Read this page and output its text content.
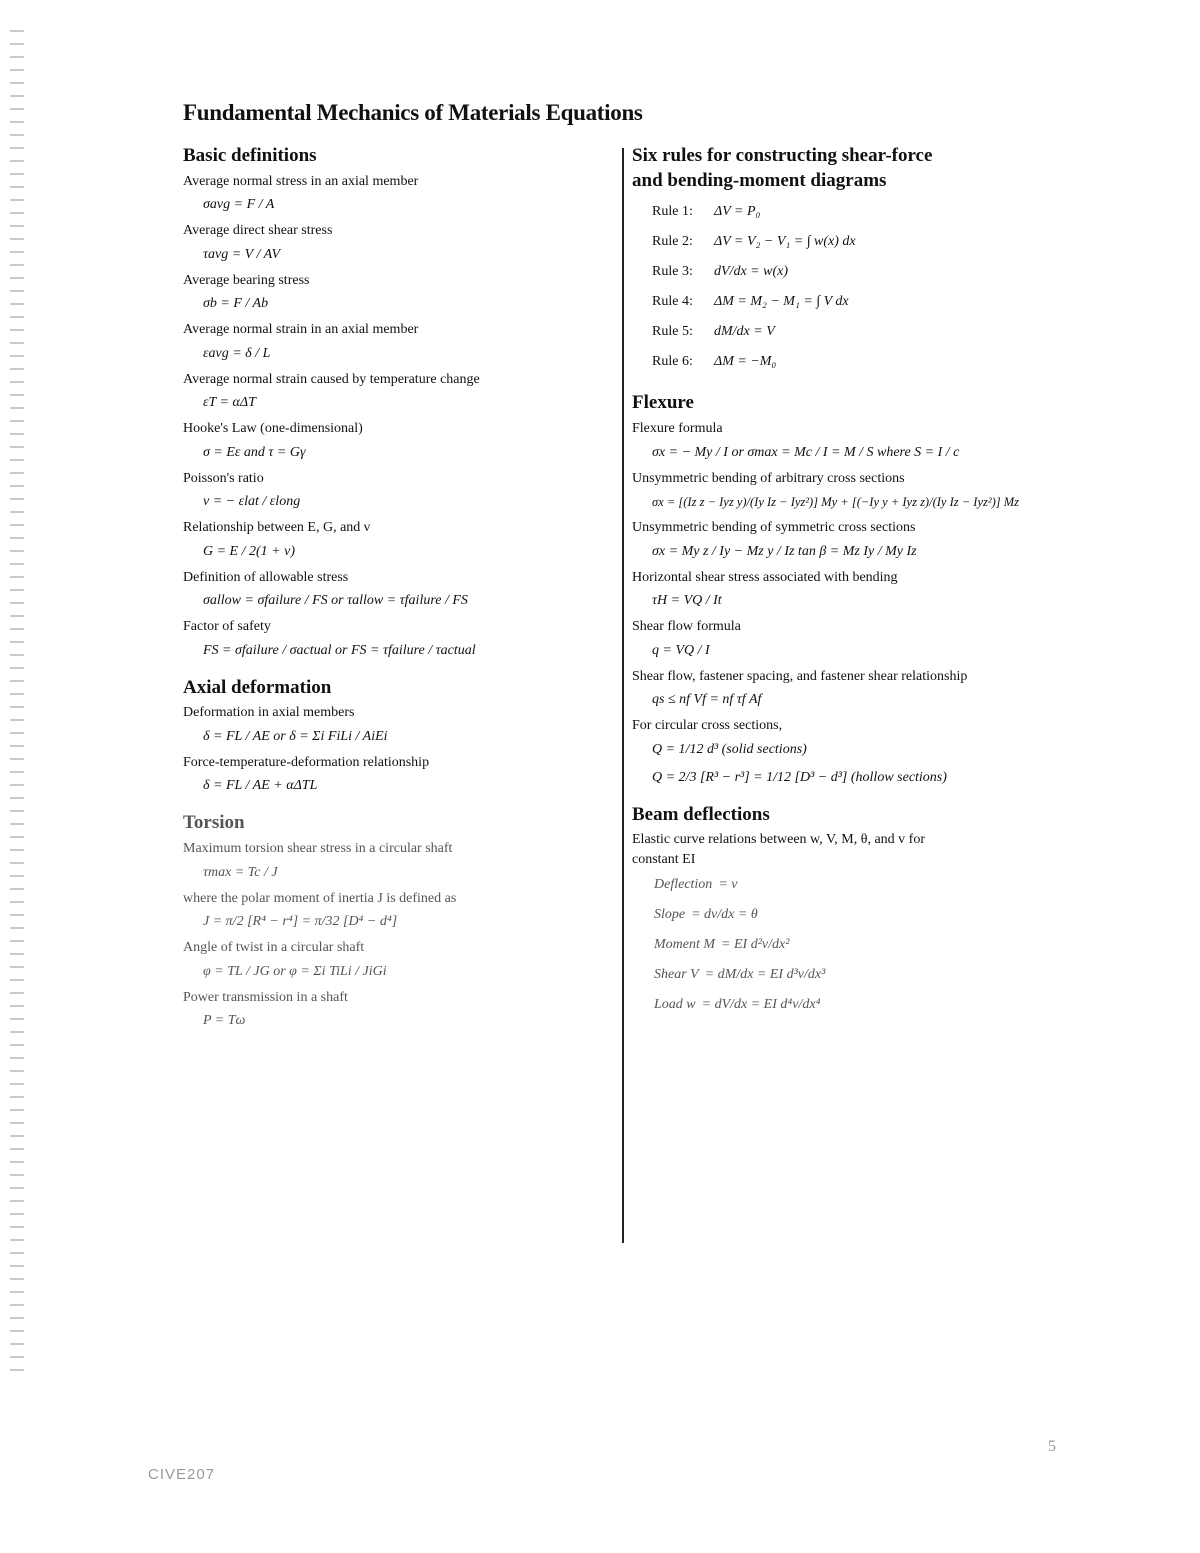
Fundamental Mechanics of Materials Equations
Basic definitions
Average normal stress in an axial member
σavg = F / A
Average direct shear stress
τavg = V / AV
Average bearing stress
σb = F / Ab
Average normal strain in an axial member
εavg = δ / L
Average normal strain caused by temperature change
εT = αΔT
Hooke's Law (one-dimensional)
σ = Eε and τ = Gγ
Poisson's ratio
ν = − εlat / εlong
Relationship between E, G, and ν
G = E / 2(1 + ν)
Definition of allowable stress
σallow = σfailure / FS or τallow = τfailure / FS
Factor of safety
FS = σfailure / σactual or FS = τfailure / τactual
Axial deformation
Deformation in axial members
δ = FL / AE or δ = Σi FiLi / AiEi
Force-temperature-deformation relationship
δ = FL / AE + αΔTL
Torsion
Maximum torsion shear stress in a circular shaft
τmax = Tc / J
where the polar moment of inertia J is defined as
J = π/2 [R⁴ − r⁴] = π/32 [D⁴ − d⁴]
Angle of twist in a circular shaft
φ = TL / JG or φ = Σi TiLi / JiGi
Power transmission in a shaft
P = Tω
Six rules for constructing shear-force
and bending-moment diagrams
Rule 1:	ΔV = P₀
Rule 2:	ΔV = V₂ − V₁ = ∫ w(x) dx
Rule 3:	dV/dx = w(x)
Rule 4:	ΔM = M₂ − M₁ = ∫ V dx
Rule 5:	dM/dx = V
Rule 6:	ΔM = −M₀
Flexure
Flexure formula
σx = − My / I or σmax = Mc / I = M / S where S = I / c
Unsymmetric bending of arbitrary cross sections
σx = [(Iz z − Iyz y)/(Iy Iz − Iyz²)] My + [(−Iy y + Iyz z)/(Iy Iz − Iyz²)] Mz
Unsymmetric bending of symmetric cross sections
σx = My z / Iy − Mz y / Iz tan β = Mz Iy / My Iz
Horizontal shear stress associated with bending
τH = VQ / It
Shear flow formula
q = VQ / I
Shear flow, fastener spacing, and fastener shear relationship
qs ≤ nf Vf = nf τf Af
For circular cross sections,
Q = 1/12 d³ (solid sections)
Q = 2/3 [R³ − r³] = 1/12 [D³ − d³] (hollow sections)
Beam deflections
Elastic curve relations between w, V, M, θ, and v for
constant EI
Deflection = v
Slope = dv/dx = θ
Moment M = EI d²v/dx²
Shear V = dM/dx = EI d³v/dx³
Load w = dV/dx = EI d⁴v/dx⁴
5
CIVE207
